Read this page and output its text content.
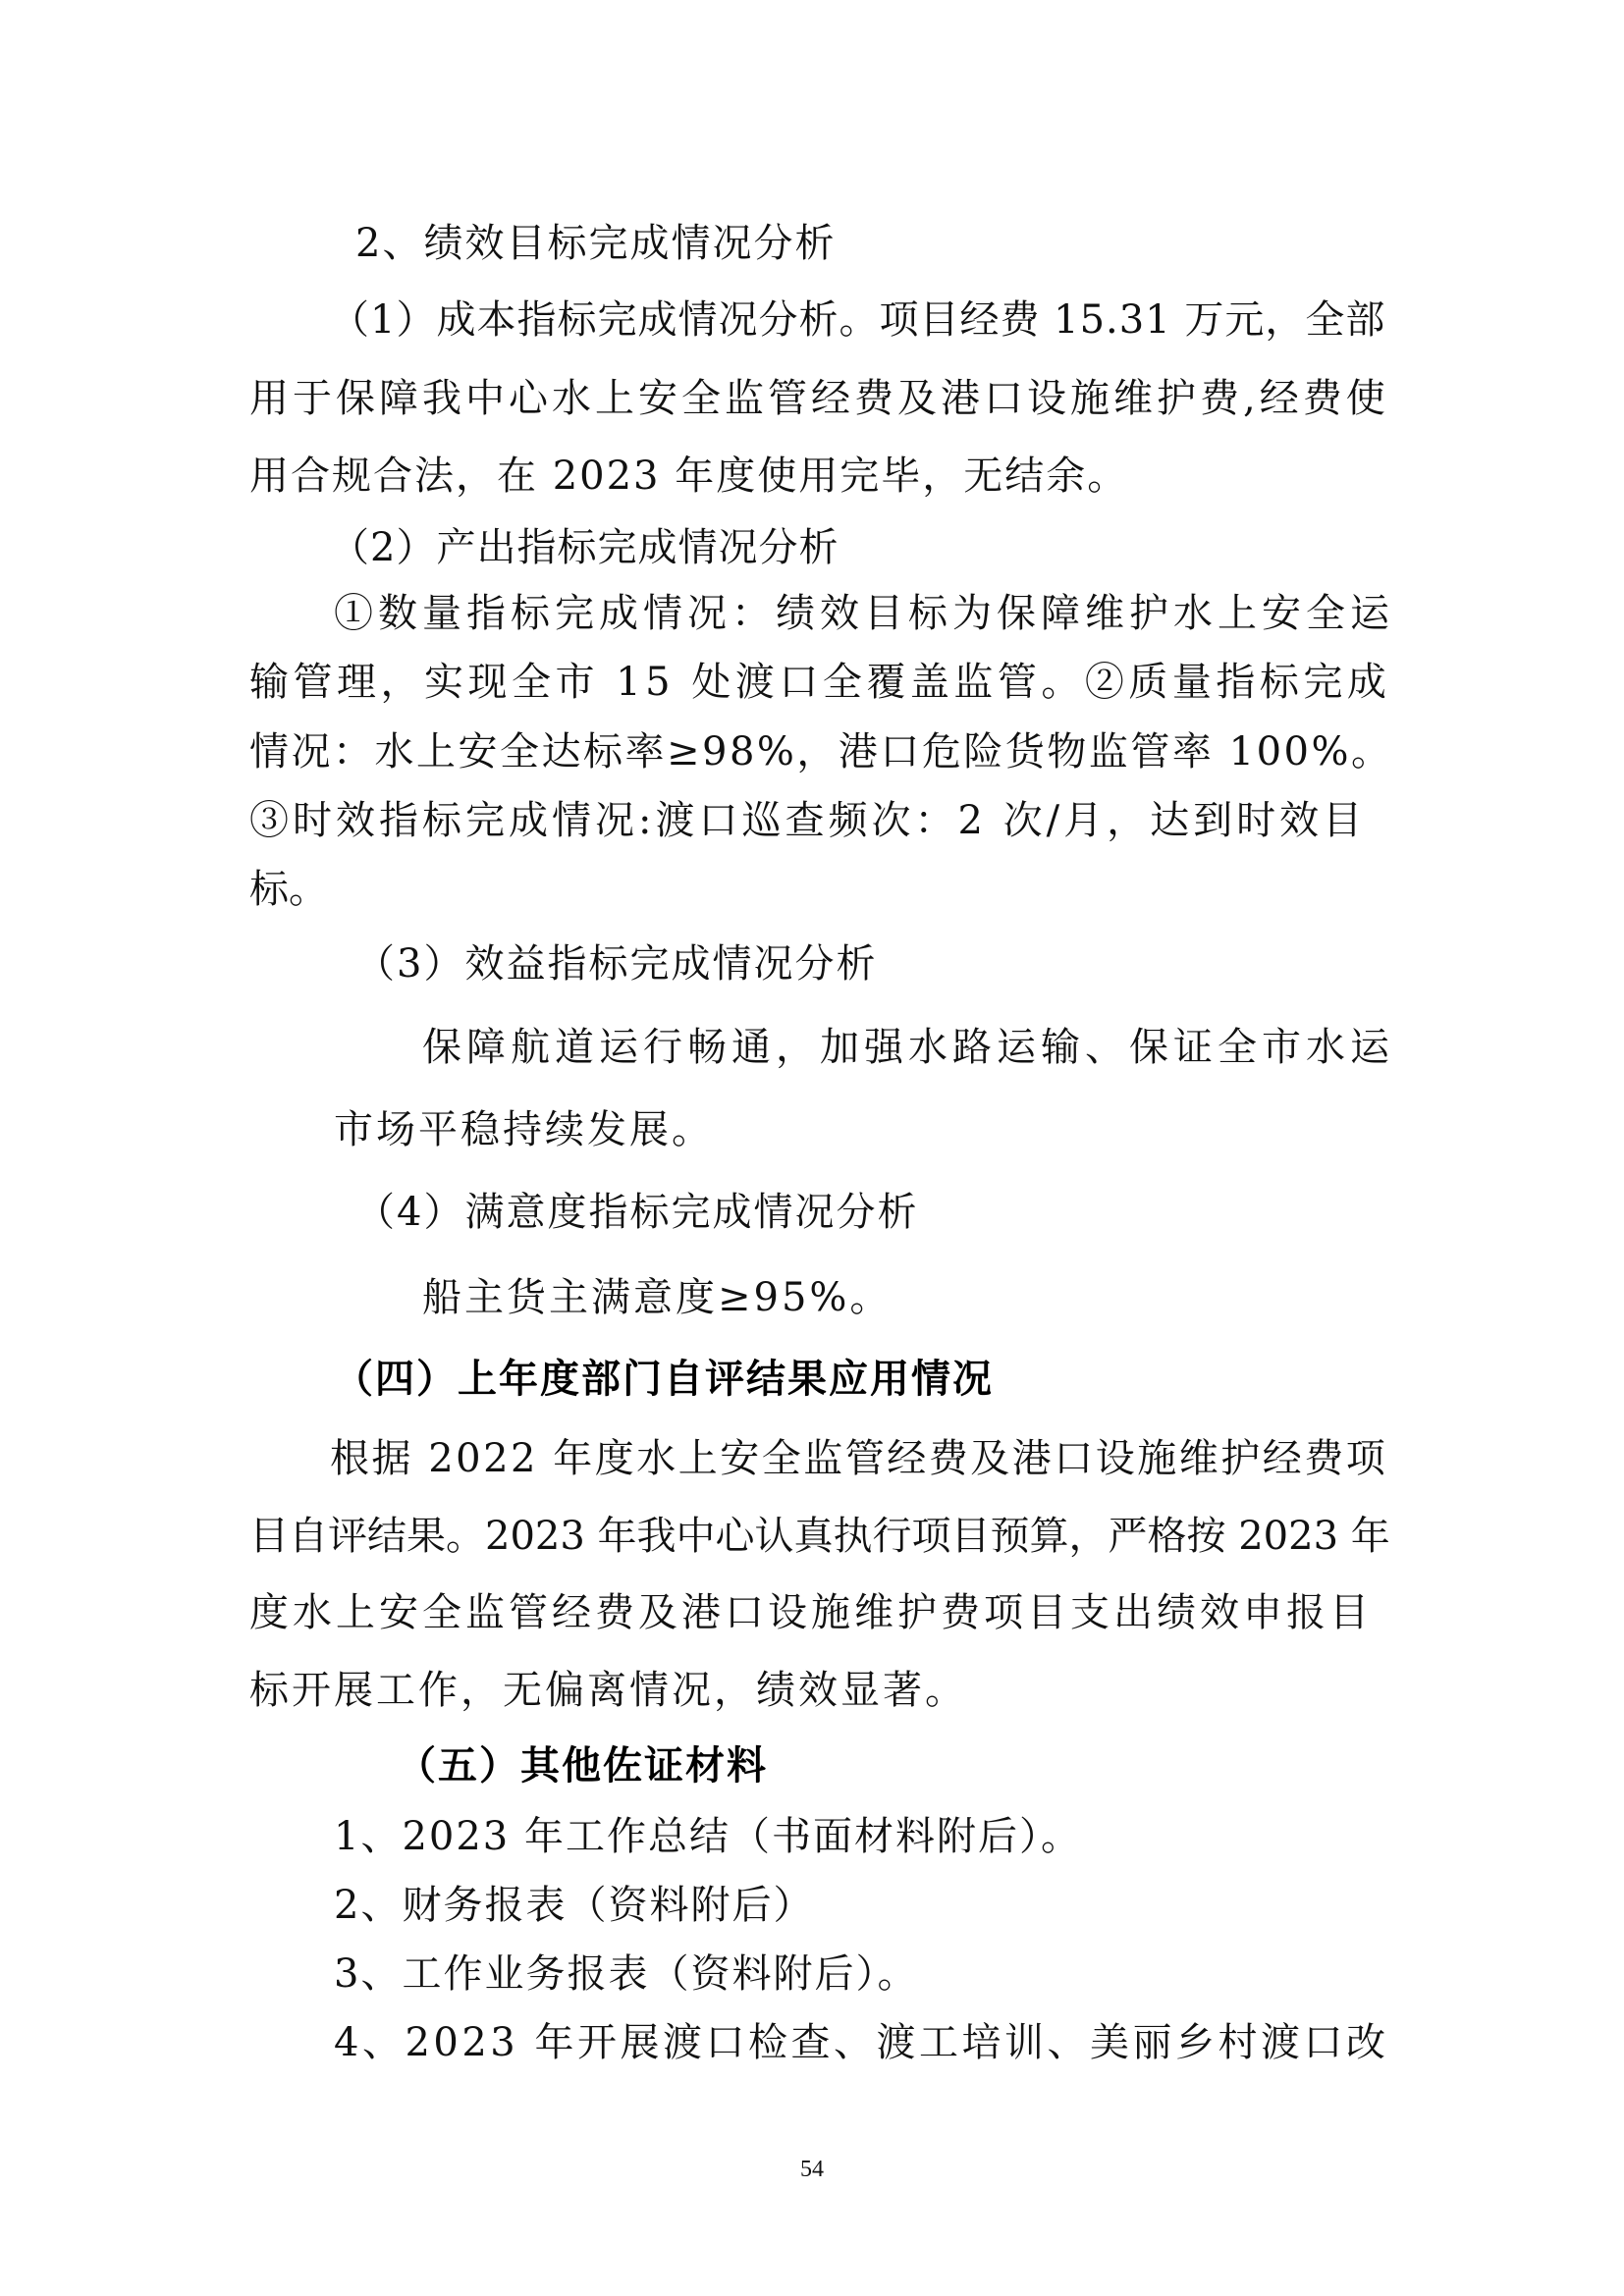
2、绩效目标完成情况分析
（1）成本指标完成情况分析。项目经费 15.31 万元，全部
用于保障我中心水上安全监管经费及港口设施维护费,经费使
用合规合法，在 2023 年度使用完毕，无结余。
（2）产出指标完成情况分析
①数量指标完成情况：绩效目标为保障维护水上安全运
输管理，实现全市 15 处渡口全覆盖监管。②质量指标完成
情况：水上安全达标率≥98%，港口危险货物监管率 100%。
③时效指标完成情况:渡口巡查频次：2 次/月，达到时效目
标。
（3）效益指标完成情况分析
保障航道运行畅通，加强水路运输、保证全市水运
市场平稳持续发展。
（4）满意度指标完成情况分析
船主货主满意度≥95%。
（四）上年度部门自评结果应用情况
根据 2022 年度水上安全监管经费及港口设施维护经费项
目自评结果。2023 年我中心认真执行项目预算，严格按 2023 年
度水上安全监管经费及港口设施维护费项目支出绩效申报目
标开展工作，无偏离情况，绩效显著。
（五）其他佐证材料
1、2023 年工作总结（书面材料附后）。
2、财务报表（资料附后）
3、工作业务报表（资料附后）。
4、2023 年开展渡口检查、渡工培训、美丽乡村渡口改
54
